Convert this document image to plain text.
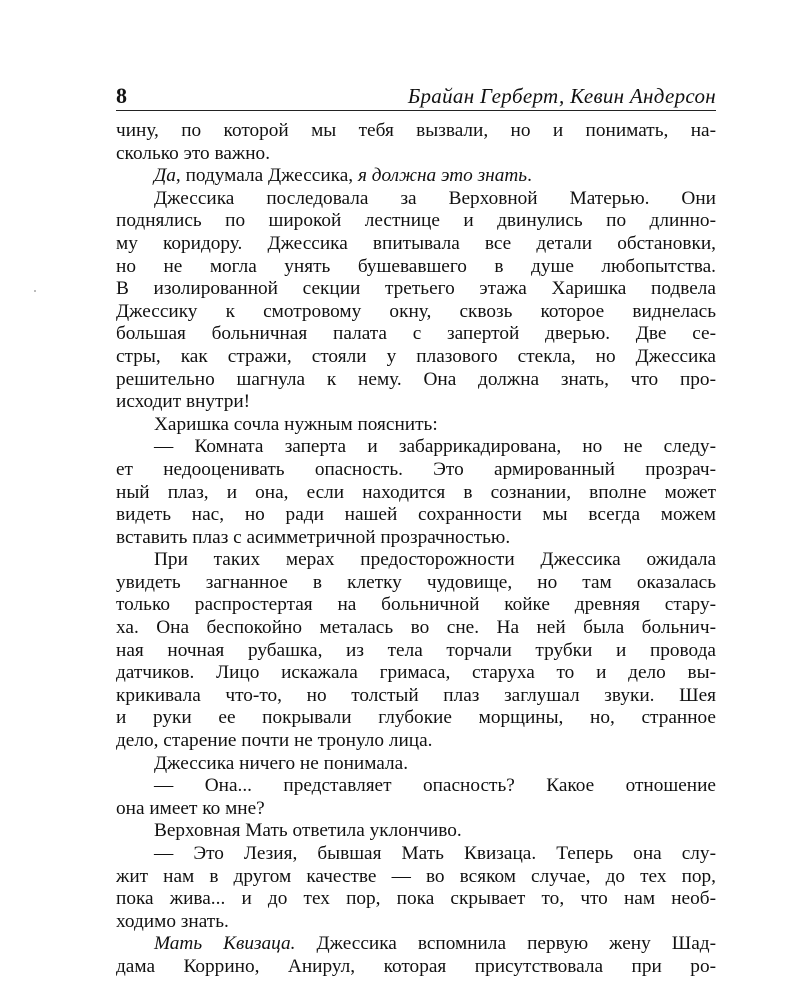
8	Брайан Герберт, Кевин Андерсон
чину, по которой мы тебя вызвали, но и понимать, на-
сколько это важно.
Да, подумала Джессика, я должна это знать.
Джессика последовала за Верховной Матерью. Они
поднялись по широкой лестнице и двинулись по длинно-
му коридору. Джессика впитывала все детали обстановки,
но не могла унять бушевавшего в душе любопытства.
В изолированной секции третьего этажа Харишка подвела
Джессику к смотровому окну, сквозь которое виднелась
большая больничная палата с запертой дверью. Две се-
стры, как стражи, стояли у плазового стекла, но Джессика
решительно шагнула к нему. Она должна знать, что про-
исходит внутри!
Харишка сочла нужным пояснить:
— Комната заперта и забаррикадирована, но не следу-
ет недооценивать опасность. Это армированный прозрач-
ный плаз, и она, если находится в сознании, вполне может
видеть нас, но ради нашей сохранности мы всегда можем
вставить плаз с асимметричной прозрачностью.
При таких мерах предосторожности Джессика ожидала
увидеть загнанное в клетку чудовище, но там оказалась
только распростертая на больничной койке древняя стару-
ха. Она беспокойно металась во сне. На ней была больнич-
ная ночная рубашка, из тела торчали трубки и провода
датчиков. Лицо искажала гримаса, старуха то и дело вы-
крикивала что-то, но толстый плаз заглушал звуки. Шея
и руки ее покрывали глубокие морщины, но, странное
дело, старение почти не тронуло лица.
Джессика ничего не понимала.
— Она... представляет опасность? Какое отношение
она имеет ко мне?
Верховная Мать ответила уклончиво.
— Это Лезия, бывшая Мать Квизаца. Теперь она слу-
жит нам в другом качестве — во всяком случае, до тех пор,
пока жива... и до тех пор, пока скрывает то, что нам необ-
ходимо знать.
Мать Квизаца. Джессика вспомнила первую жену Шад-
дама Коррино, Анирул, которая присутствовала при ро-
